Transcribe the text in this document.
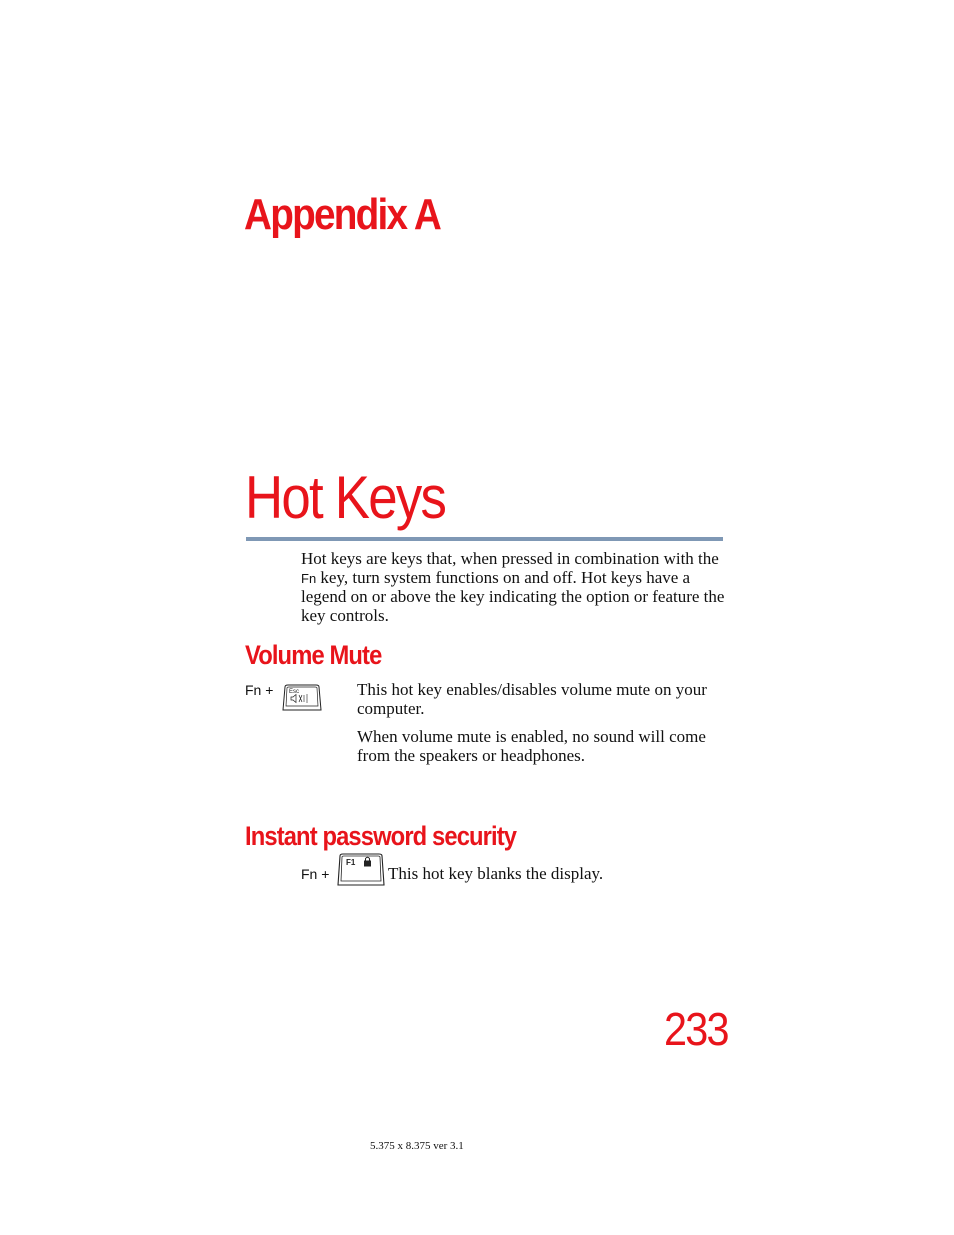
Appendix A
Hot Keys
Hot keys are keys that, when pressed in combination with the
Fn key, turn system functions on and off. Hot keys have a legend on or above the key indicating the option or feature the key controls.
Volume Mute
Fn +	Esc	This hot key enables/disables volume mute on your computer.
When volume mute is enabled, no sound will come from the speakers or headphones.
Instant password security
Fn +
F1
This hot key blanks the display.
233
5.375 x 8.375 ver 3.1
